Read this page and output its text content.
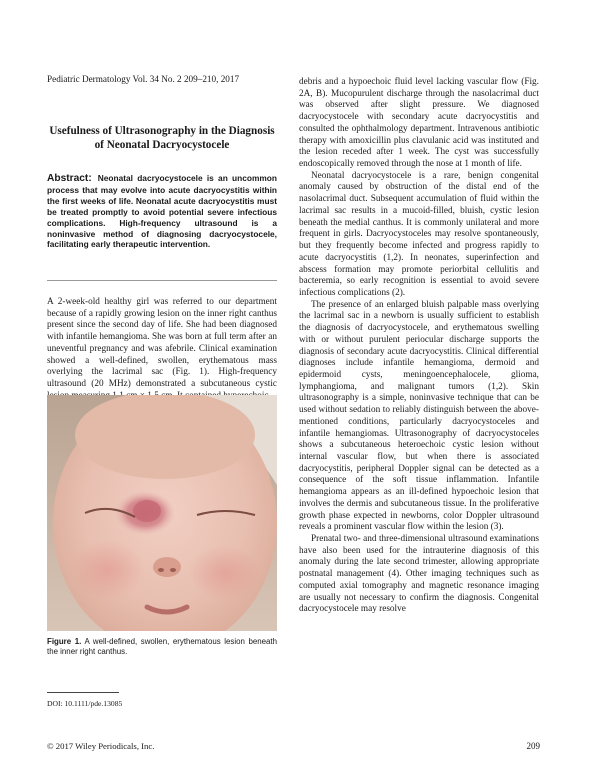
Pediatric Dermatology Vol. 34 No. 2 209–210, 2017
Usefulness of Ultrasonography in the Diagnosis of Neonatal Dacryocystocele
Abstract: Neonatal dacryocystocele is an uncommon process that may evolve into acute dacryocystitis within the first weeks of life. Neonatal acute dacryocystitis must be treated promptly to avoid potential severe infectious complications. High-frequency ultrasound is a noninvasive method of diagnosing dacryocystocele, facilitating early therapeutic intervention.

A 2-week-old healthy girl was referred to our department because of a rapidly growing lesion on the inner right canthus present since the second day of life. She had been diagnosed with infantile hemangioma. She was born at full term after an uneventful pregnancy and was afebrile. Clinical examination showed a well-defined, swollen, erythematous mass overlying the lacrimal sac (Fig. 1). High-frequency ultrasound (20 MHz) demonstrated a subcutaneous cystic

Figure 1. A well-defined, swollen, erythematous lesion beneath the inner right canthus.
DOI: 10.1111/pde.13085

debris and a hypoechoic fluid level lacking vascular flow (Fig. 2A, B). Mucopurulent discharge through the nasolacrimal duct was observed after slight pressure. We diagnosed dacryocystocele with secondary acute dacryocystitis and consulted the ophthalmology department. Intravenous antibiotic therapy with amoxicillin plus clavulanic acid was instituted and the lesion receded after 1 week. The cyst was successfully endoscopically removed through the nose at 1 month of life.

Neonatal dacryocystocele is a rare, benign congenital anomaly caused by obstruction of the distal end of the nasolacrimal duct. Subsequent accumulation of fluid within the lacrimal sac results in a mucoid-filled, bluish, cystic lesion beneath the medial canthus. It is commonly unilateral and more frequent in girls. Dacryocystoceles may resolve spontaneously, but they frequently become infected and progress rapidly to acute dacryocystitis (1,2). In neonates, superinfection and abscess formation may promote periorbital cellulitis and bacteremia, so early recognition is essential to avoid severe infectious complications (2).

The presence of an enlarged bluish palpable mass overlying the lacrimal sac in a newborn is usually sufficient to establish the diagnosis of dacryocystocele, and erythematous swelling with or without purulent periocular discharge supports the diagnosis of secondary acute dacryocystitis. Clinical differential diagnoses include infantile hemangioma, dermoid and epidermoid cysts, meningoencephalocele, glioma, lymphangioma, and malignant tumors (1,2). Skin ultrasonography is a simple, noninvasive technique that can be used without sedation to reliably distinguish between the above-mentioned conditions, particularly dacryocystoceles and infantile hemangiomas. Ultrasonography of dacryocystoceles shows a subcutaneous heteroechoic cystic lesion without internal vascular flow, but when there is associated dacryocystitis, peripheral Doppler signal can be detected as a consequence of the soft tissue inflammation. Infantile hemangioma appears as an ill-defined hypoechoic lesion that involves the dermis and subcutaneous tissue. In the proliferative growth phase expected in newborns, color Doppler ultrasound reveals a prominent vascular flow within the lesion (3).

Prenatal two- and three-dimensional ultrasound examinations have also been used for the intrauterine diagnosis of this anomaly during the late second trimester, allowing appropriate postnatal management (4). Other imaging techniques such as computed axial tomography and magnetic resonance imaging are usually not necessary to confirm the diagnosis. Congenital dacryocystocele may resolve

© 2017 Wiley Periodicals, Inc.	209
